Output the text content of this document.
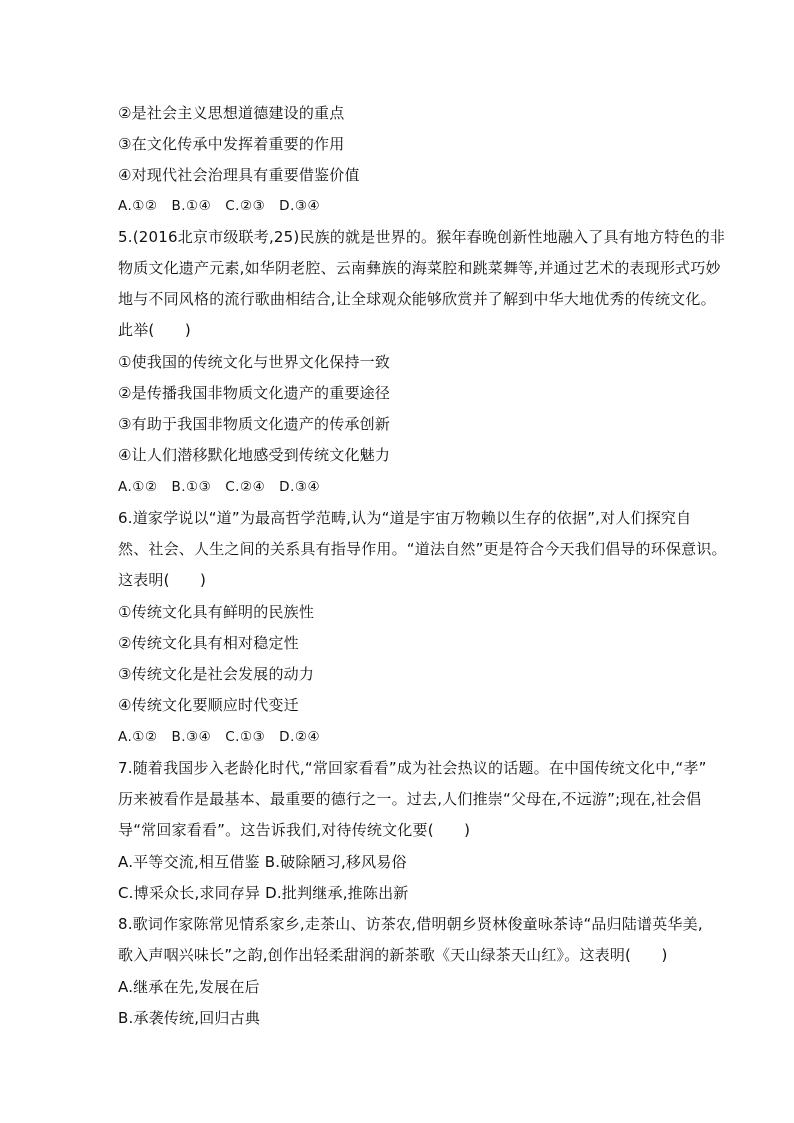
②是社会主义思想道德建设的重点
③在文化传承中发挥着重要的作用
④对现代社会治理具有重要借鉴价值
A.①②　B.①④　C.②③　D.③④
5.(2016北京市级联考,25)民族的就是世界的。猴年春晚创新性地融入了具有地方特色的非
物质文化遗产元素,如华阴老腔、云南彝族的海菜腔和跳菜舞等,并通过艺术的表现形式巧妙
地与不同风格的流行歌曲相结合,让全球观众能够欣赏并了解到中华大地优秀的传统文化。
此举(　　)
①使我国的传统文化与世界文化保持一致
②是传播我国非物质文化遗产的重要途径
③有助于我国非物质文化遗产的传承创新
④让人们潜移默化地感受到传统文化魅力
A.①②　B.①③　C.②④　D.③④
6.道家学说以“道”为最高哲学范畴,认为“道是宇宙万物赖以生存的依据”,对人们探究自
然、社会、人生之间的关系具有指导作用。“道法自然”更是符合今天我们倡导的环保意识。
这表明(　　)
①传统文化具有鲜明的民族性
②传统文化具有相对稳定性
③传统文化是社会发展的动力
④传统文化要顺应时代变迁
A.①②　B.③④　C.①③　D.②④
7.随着我国步入老龄化时代,“常回家看看”成为社会热议的话题。在中国传统文化中,“孝”
历来被看作是最基本、最重要的德行之一。过去,人们推崇“父母在,不远游”;现在,社会倡
导“常回家看看”。这告诉我们,对待传统文化要(　　)
A.平等交流,相互借鉴 B.破除陋习,移风易俗
C.博采众长,求同存异 D.批判继承,推陈出新
8.歌词作家陈常见情系家乡,走茶山、访茶农,借明朝乡贤林俊童咏茶诗“品归陆谱英华美,
歌入声咽兴味长”之韵,创作出轻柔甜润的新茶歌《天山绿茶天山红》。这表明(　　)
A.继承在先,发展在后
B.承袭传统,回归古典
